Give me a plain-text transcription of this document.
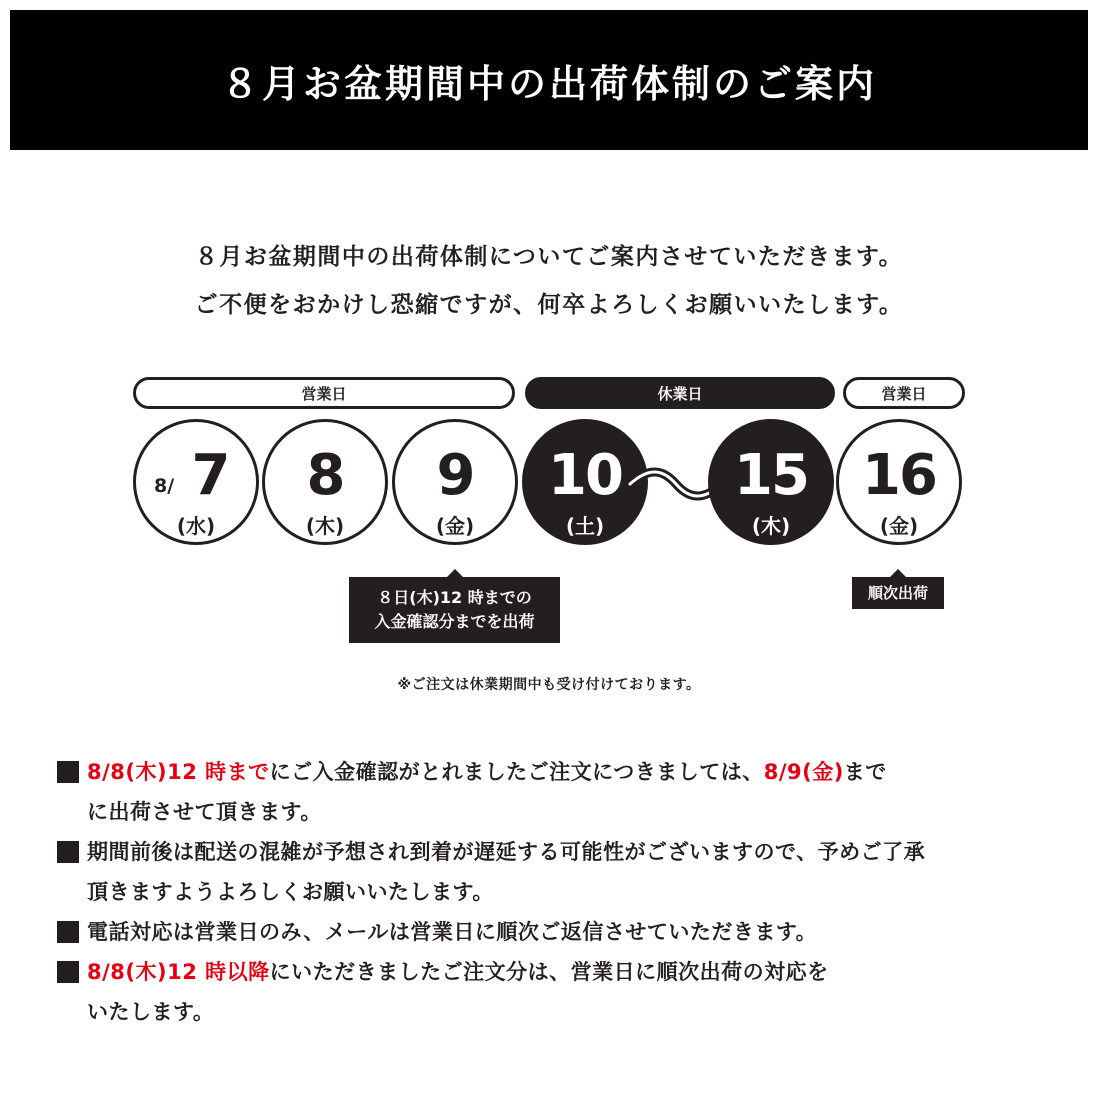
８月お盆期間中の出荷体制のご案内
８月お盆期間中の出荷体制についてご案内させていただきます。
ご不便をおかけし恐縮ですが、何卒よろしくお願いいたします。
営業日	休業日	営業日
8/ 7
(水)
8
(木)
9
(金)
10
(土)
15
(木)
16
(金)
８日(木)12 時までの
入金確認分までを出荷
順次出荷
※ご注文は休業期間中も受け付けております。
8/8(木)12 時までにご入金確認がとれましたご注文につきましては、8/9(金)まで
に出荷させて頂きます。
期間前後は配送の混雑が予想され到着が遅延する可能性がございますので、予めご了承
頂きますようよろしくお願いいたします。
電話対応は営業日のみ、メールは営業日に順次ご返信させていただきます。
8/8(木)12 時以降にいただきましたご注文分は、営業日に順次出荷の対応を
いたします。
